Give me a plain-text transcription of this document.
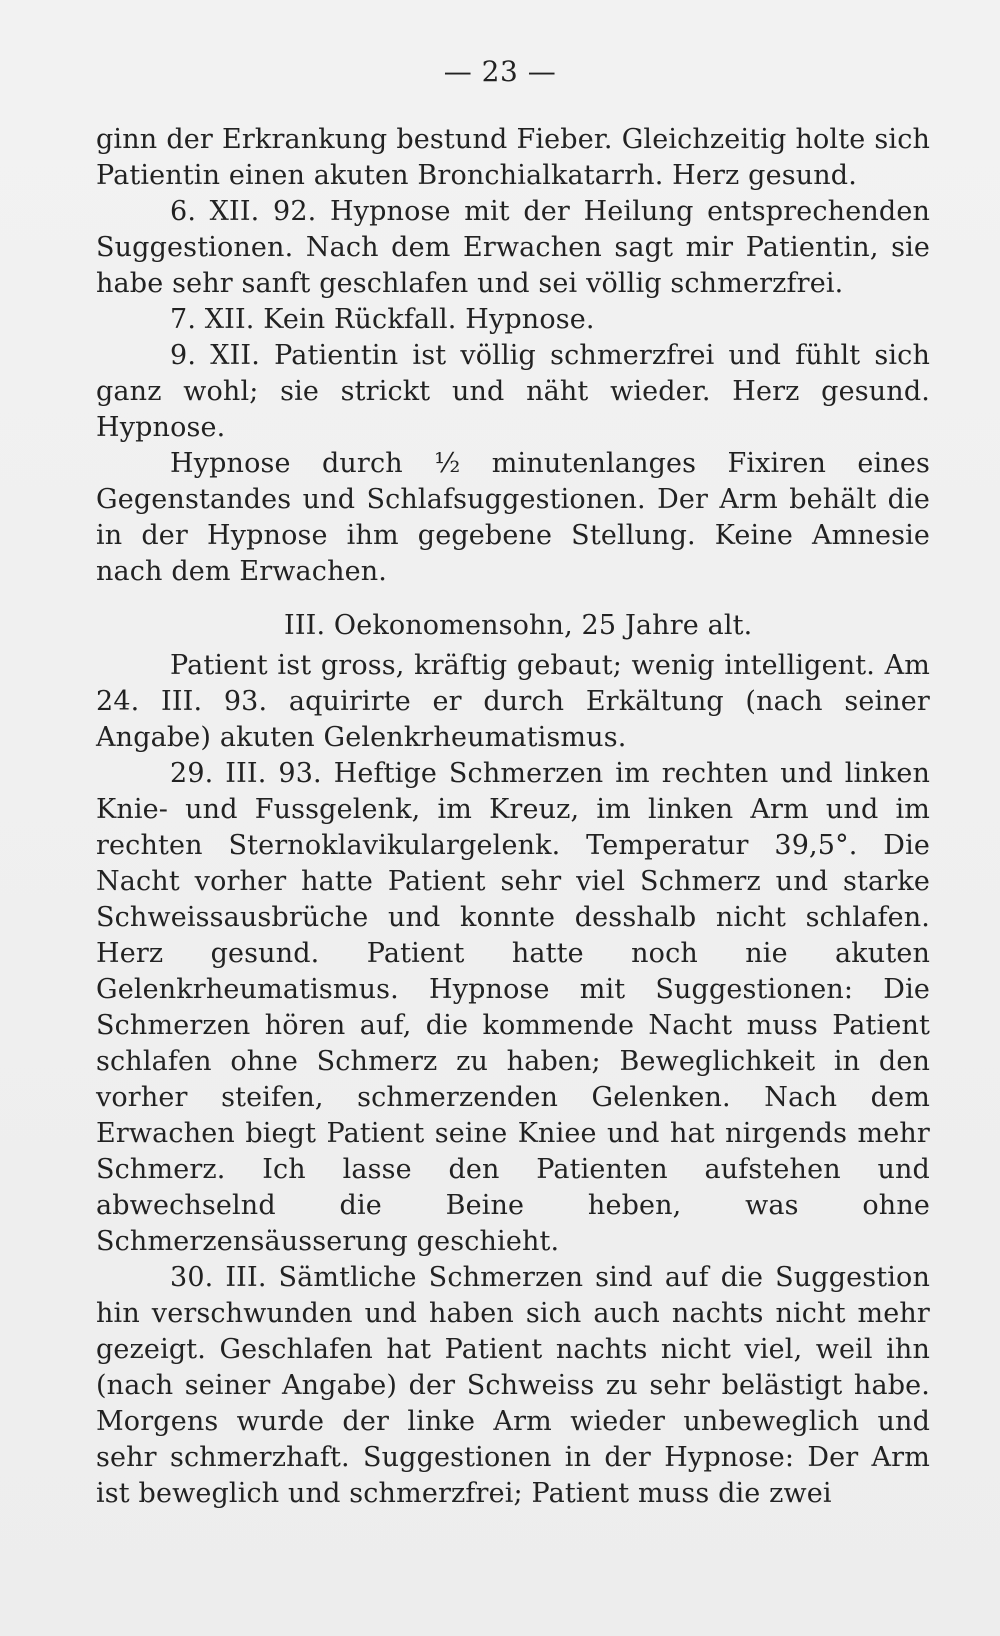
— 23 —

ginn der Erkrankung bestund Fieber. Gleichzeitig holte sich Patientin einen akuten Bronchialkatarrh. Herz gesund.

6. XII. 92. Hypnose mit der Heilung entsprechenden Suggestionen. Nach dem Erwachen sagt mir Patientin, sie habe sehr sanft geschlafen und sei völlig schmerzfrei.

7. XII. Kein Rückfall. Hypnose.

9. XII. Patientin ist völlig schmerzfrei und fühlt sich ganz wohl; sie strickt und näht wieder. Herz gesund. Hypnose.

Hypnose durch ½ minutenlanges Fixiren eines Gegenstandes und Schlafsuggestionen. Der Arm behält die in der Hypnose ihm gegebene Stellung. Keine Amnesie nach dem Erwachen.

III. Oekonomensohn, 25 Jahre alt.

Patient ist gross, kräftig gebaut; wenig intelligent. Am 24. III. 93. aquirirte er durch Erkältung (nach seiner Angabe) akuten Gelenkrheumatismus.

29. III. 93. Heftige Schmerzen im rechten und linken Knie- und Fussgelenk, im Kreuz, im linken Arm und im rechten Sternoklavikulargelenk. Temperatur 39,5°. Die Nacht vorher hatte Patient sehr viel Schmerz und starke Schweissausbrüche und konnte desshalb nicht schlafen. Herz gesund. Patient hatte noch nie akuten Gelenkrheumatismus. Hypnose mit Suggestionen: Die Schmerzen hören auf, die kommende Nacht muss Patient schlafen ohne Schmerz zu haben; Beweglichkeit in den vorher steifen, schmerzenden Gelenken. Nach dem Erwachen biegt Patient seine Kniee und hat nirgends mehr Schmerz. Ich lasse den Patienten aufstehen und abwechselnd die Beine heben, was ohne Schmerzensäusserung geschieht.

30. III. Sämtliche Schmerzen sind auf die Suggestion hin verschwunden und haben sich auch nachts nicht mehr gezeigt. Geschlafen hat Patient nachts nicht viel, weil ihn (nach seiner Angabe) der Schweiss zu sehr belästigt habe. Morgens wurde der linke Arm wieder unbeweglich und sehr schmerzhaft. Suggestionen in der Hypnose: Der Arm ist beweglich und schmerzfrei; Patient muss die zwei
